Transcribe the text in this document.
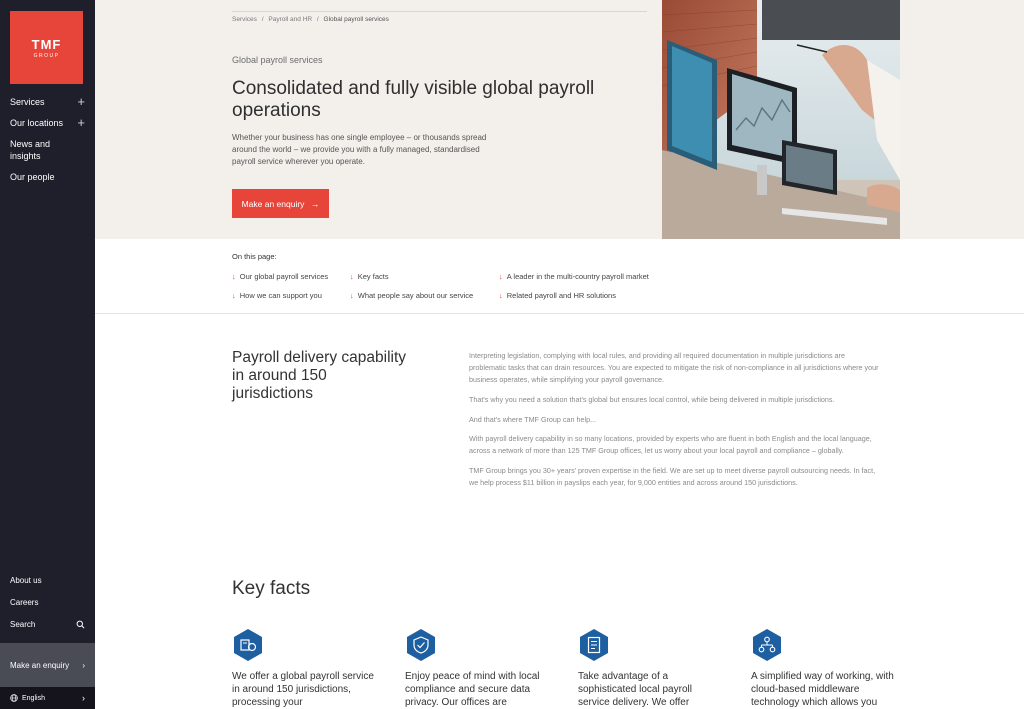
TMF
GROUP
Services	+
Our locations +
News and insights
Our people
About us
Careers
Search
Make an enquiry ›
English	›
Services / Payroll and HR / Global payroll services
Global payroll services
Consolidated and fully visible global payroll operations

Whether your business has one single employee – or thousands spread around the world – we provide you with a fully managed, standardised payroll service wherever you operate.

Make an enquiry →
On this page:
↓ Our global payroll services	↓ Key facts	↓ A leader in the multi-country payroll market
↓ How we can support you	↓ What people say about our service	↓ Related payroll and HR solutions
Payroll delivery capability in around 150 jurisdictions

Interpreting legislation, complying with local rules, and providing all required documentation in multiple jurisdictions are problematic tasks that can drain resources. You are expected to mitigate the risk of non-compliance in all jurisdictions where your business operates, while simplifying your payroll governance.

That's why you need a solution that's global but ensures local control, while being delivered in multiple jurisdictions.

And that's where TMF Group can help...

With payroll delivery capability in so many locations, provided by experts who are fluent in both English and the local language, across a network of more than 125 TMF Group offices, let us worry about your local payroll and compliance – globally.

TMF Group brings you 30+ years' proven expertise in the field. We are set up to meet diverse payroll outsourcing needs. In fact, we help process $11 billion in payslips each year, for 9,000 entities and across around 150 jurisdictions.

Key facts
We offer a global payroll service in around 150 jurisdictions, processing your
Enjoy peace of mind with local compliance and secure data privacy. Our offices are
Take advantage of a sophisticated local payroll service delivery. We offer
A simplified way of working, with cloud-based middleware technology which allows you
